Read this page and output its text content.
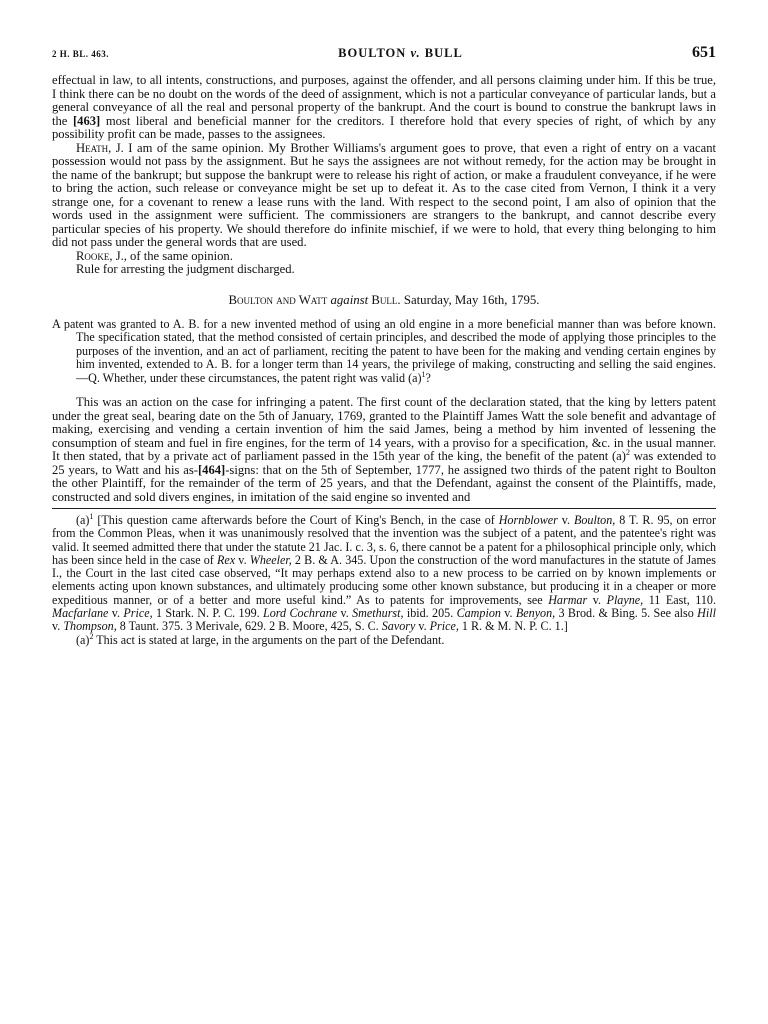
2 H. BL. 463.	BOULTON v. BULL	651

effectual in law, to all intents, constructions, and purposes, against the offender, and all persons claiming under him. If this be true, I think there can be no doubt on the words of the deed of assignment, which is not a particular conveyance of particular lands, but a general conveyance of all the real and personal property of the bankrupt. And the court is bound to construe the bankrupt laws in the [463] most liberal and beneficial manner for the creditors. I therefore hold that every species of right, of which by any possibility profit can be made, passes to the assignees.

Heath, J. I am of the same opinion. My Brother Williams's argument goes to prove, that even a right of entry on a vacant possession would not pass by the assignment. But he says the assignees are not without remedy, for the action may be brought in the name of the bankrupt; but suppose the bankrupt were to release his right of action, or make a fraudulent conveyance, if he were to bring the action, such release or conveyance might be set up to defeat it. As to the case cited from Vernon, I think it a very strange one, for a covenant to renew a lease runs with the land. With respect to the second point, I am also of opinion that the words used in the assignment were sufficient. The commissioners are strangers to the bankrupt, and cannot describe every particular species of his property. We should therefore do infinite mischief, if we were to hold, that every thing belonging to him did not pass under the general words that are used.

Rooke, J., of the same opinion.

Rule for arresting the judgment discharged.

Boulton and Watt against Bull. Saturday, May 16th, 1795.

A patent was granted to A. B. for a new invented method of using an old engine in a more beneficial manner than was before known. The specification stated, that the method consisted of certain principles, and described the mode of applying those principles to the purposes of the invention, and an act of parliament, reciting the patent to have been for the making and vending certain engines by him invented, extended to A. B. for a longer term than 14 years, the privilege of making, constructing and selling the said engines.—Q. Whether, under these circumstances, the patent right was valid $(a)^1$?

This was an action on the case for infringing a patent. The first count of the declaration stated, that the king by letters patent under the great seal, bearing date on the 5th of January, 1769, granted to the Plaintiff James Watt the sole benefit and advantage of making, exercising and vending a certain invention of him the said James, being a method by him invented of lessening the consumption of steam and fuel in fire engines, for the term of 14 years, with a proviso for a specification, &c. in the usual manner. It then stated, that by a private act of parliament passed in the 15th year of the king, the benefit of the patent $(a)^2$ was extended to 25 years, to Watt and his as-[464]-signs: that on the 5th of September, 1777, he assigned two thirds of the patent right to Boulton the other Plaintiff, for the remainder of the term of 25 years, and that the Defendant, against the consent of the Plaintiffs, made, constructed and sold divers engines, in imitation of the said engine so invented and

$(a)^1$ [This question came afterwards before the Court of King's Bench, in the case of Hornblower v. Boulton, 8 T. R. 95, on error from the Common Pleas, when it was unanimously resolved that the invention was the subject of a patent, and the patentee's right was valid. It seemed admitted there that under the statute 21 Jac. I. c. 3, s. 6, there cannot be a patent for a philosophical principle only, which has been since held in the case of Rex v. Wheeler, 2 B. & A. 345. Upon the construction of the word manufactures in the statute of James I., the Court in the last cited case observed, “It may perhaps extend also to a new process to be carried on by known implements or elements acting upon known substances, and ultimately producing some other known substance, but producing it in a cheaper or more expeditious manner, or of a better and more useful kind.” As to patents for improvements, see Harmar v. Playne, 11 East, 110. Macfarlane v. Price, 1 Stark. N. P. C. 199. Lord Cochrane v. Smethurst, ibid. 205. Campion v. Benyon, 3 Brod. & Bing. 5. See also Hill v. Thompson, 8 Taunt. 375. 3 Merivale, 629. 2 B. Moore, 425, S. C. Savory v. Price, 1 R. & M. N. P. C. 1.]

$(a)^2$ This act is stated at large, in the arguments on the part of the Defendant.
